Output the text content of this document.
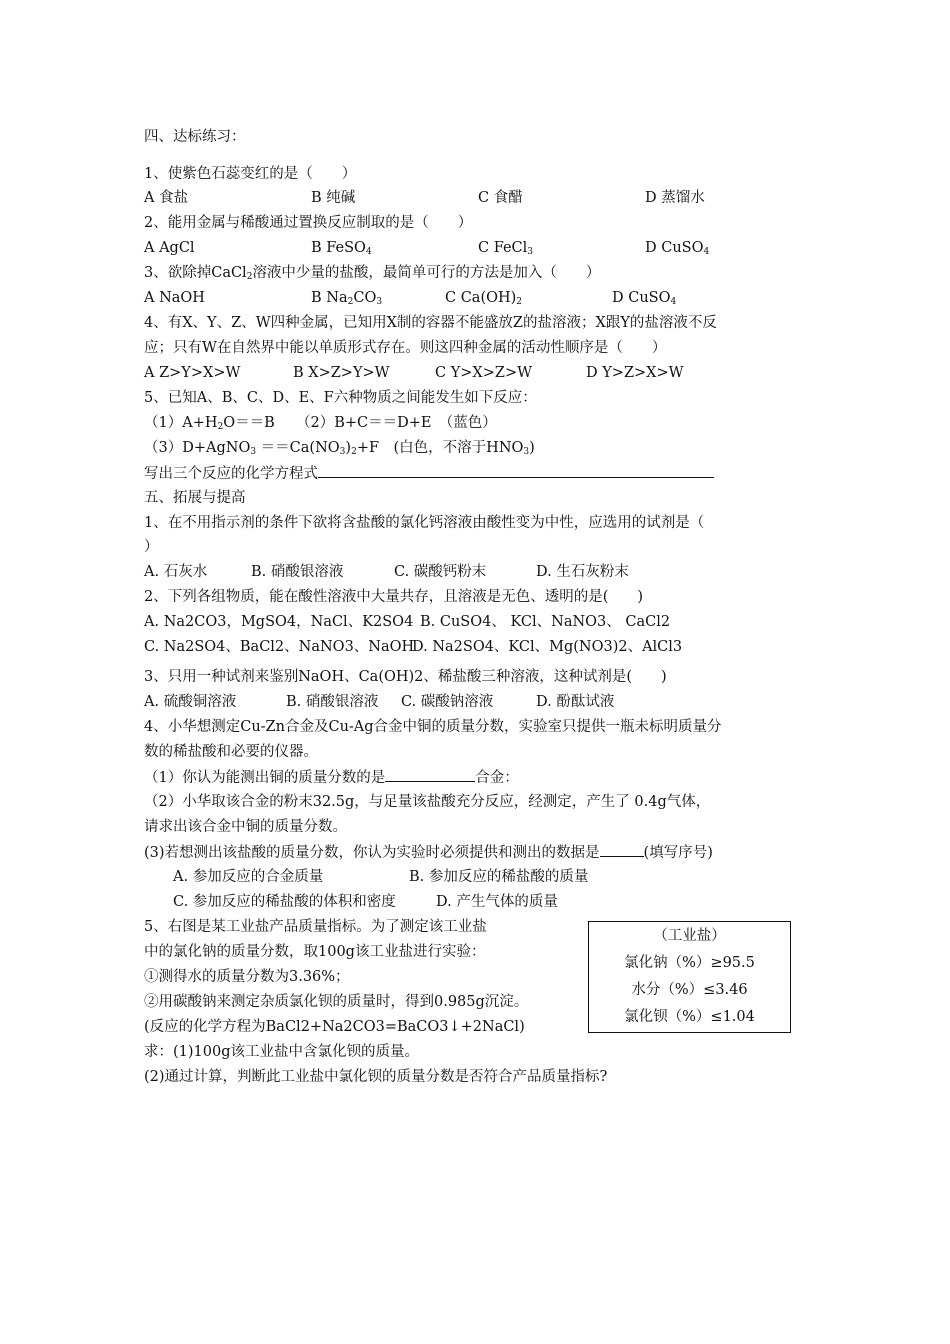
四、达标练习：
1、使紫色石蕊变红的是（　　）
A 食盐	B 纯碱	C 食醋	D 蒸馏水
2、能用金属与稀酸通过置换反应制取的是（　　）
A AgCl	B FeSO$_4$	C FeCl$_3$	D CuSO$_4$
3、欲除掉CaCl$_2$溶液中少量的盐酸，最简单可行的方法是加入（　　）
A NaOH	B $Na_2CO_3$	C $Ca(OH)_2$	D CuSO$_4$
4、有X、Y、Z、W四种金属，已知用X制的容器不能盛放Z的盐溶液；X跟Y的盐溶液不反
应；只有W在自然界中能以单质形式存在。则这四种金属的活动性顺序是（　　）
A Z>Y>X>W	B X>Z>Y>W	C Y>X>Z>W	D Y>Z>X>W
5、已知A、B、C、D、E、F六种物质之间能发生如下反应：
$(1)A+H_2O==B$ （2）B+C＝＝D+E　（蓝色）
（3）D+AgNO$_3$ $==Ca(NO_3)_2+F$　(白色，不溶于$HNO_3$)
写出三个反应的化学方程式
五、拓展与提高
1、在不用指示剂的条件下欲将含盐酸的氯化钙溶液由酸性变为中性，应选用的试剂是（
）
A. 石灰水	B. 硝酸银溶液	C. 碳酸钙粉末	D. 生石灰粉末
2、下列各组物质，能在酸性溶液中大量共存，且溶液是无色、透明的是(　　)
A. Na2CO3，MgSO4，NaCl、K2SO4 B. CuSO4、 KCl、NaNO3、 CaCl2
C. Na2SO4、BaCl2、NaNO3、NaOH
D. Na2SO4、KCl、Mg(NO3)2、AlCl3
3、只用一种试剂来鉴别NaOH、Ca(OH)2、稀盐酸三种溶液，这种试剂是(　　)
A. 硫酸铜溶液	B. 硝酸银溶液 C. 碳酸钠溶液	D. 酚酞试液
4、小华想测定Cu-Zn合金及Cu-Ag合金中铜的质量分数，实验室只提供一瓶未标明质量分
数的稀盐酸和必要的仪器。
（1）你认为能测出铜的质量分数的是	合金：
（2）小华取该合金的粉末32.5g，与足量该盐酸充分反应，经测定，产生了 0.4g气体，
请求出该合金中铜的质量分数。
(3)若想测出该盐酸的质量分数，你认为实验时必须提供和测出的数据是	(填写序号)
A. 参加反应的合金质量	B. 参加反应的稀盐酸的质量
C. 参加反应的稀盐酸的体积和密度	D. 产生气体的质量
5、右图是某工业盐产品质量指标。为了测定该工业盐
中的氯化钠的质量分数，取100g该工业盐进行实验：
①测得水的质量分数为3.36%；
②用碳酸钠来测定杂质氯化钡的质量时，得到0.985g沉淀。
(反应的化学方程为BaCl2+Na2CO3=BaCO3↓+2NaCl)
求：(1)100g该工业盐中含氯化钡的质量。
(2)通过计算，判断此工业盐中氯化钡的质量分数是否符合产品质量指标?
（工业盐）
氯化钠（%）≥95.5
水分（%）≤3.46
氯化钡（%）≤1.04
